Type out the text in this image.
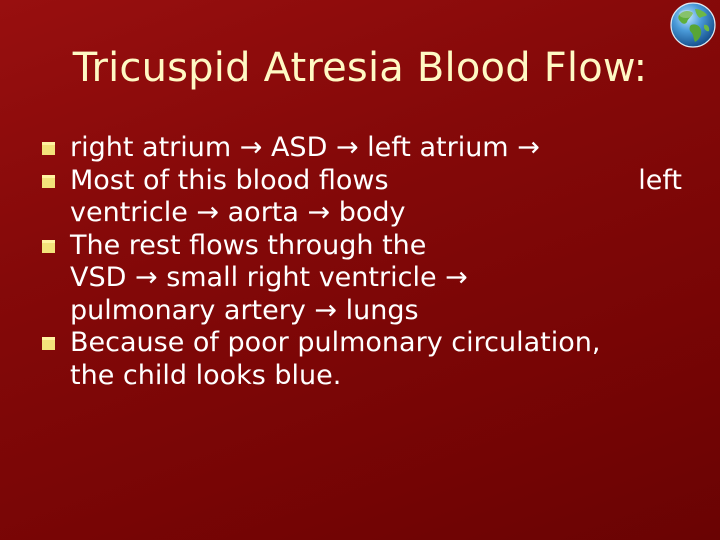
Tricuspid Atresia Blood Flow:
right atrium → ASD → left atrium →
Most of this blood flows	left
ventricle → aorta → body
The rest flows through the
VSD → small right ventricle →
pulmonary artery → lungs
Because of poor pulmonary circulation,
the child looks blue.
